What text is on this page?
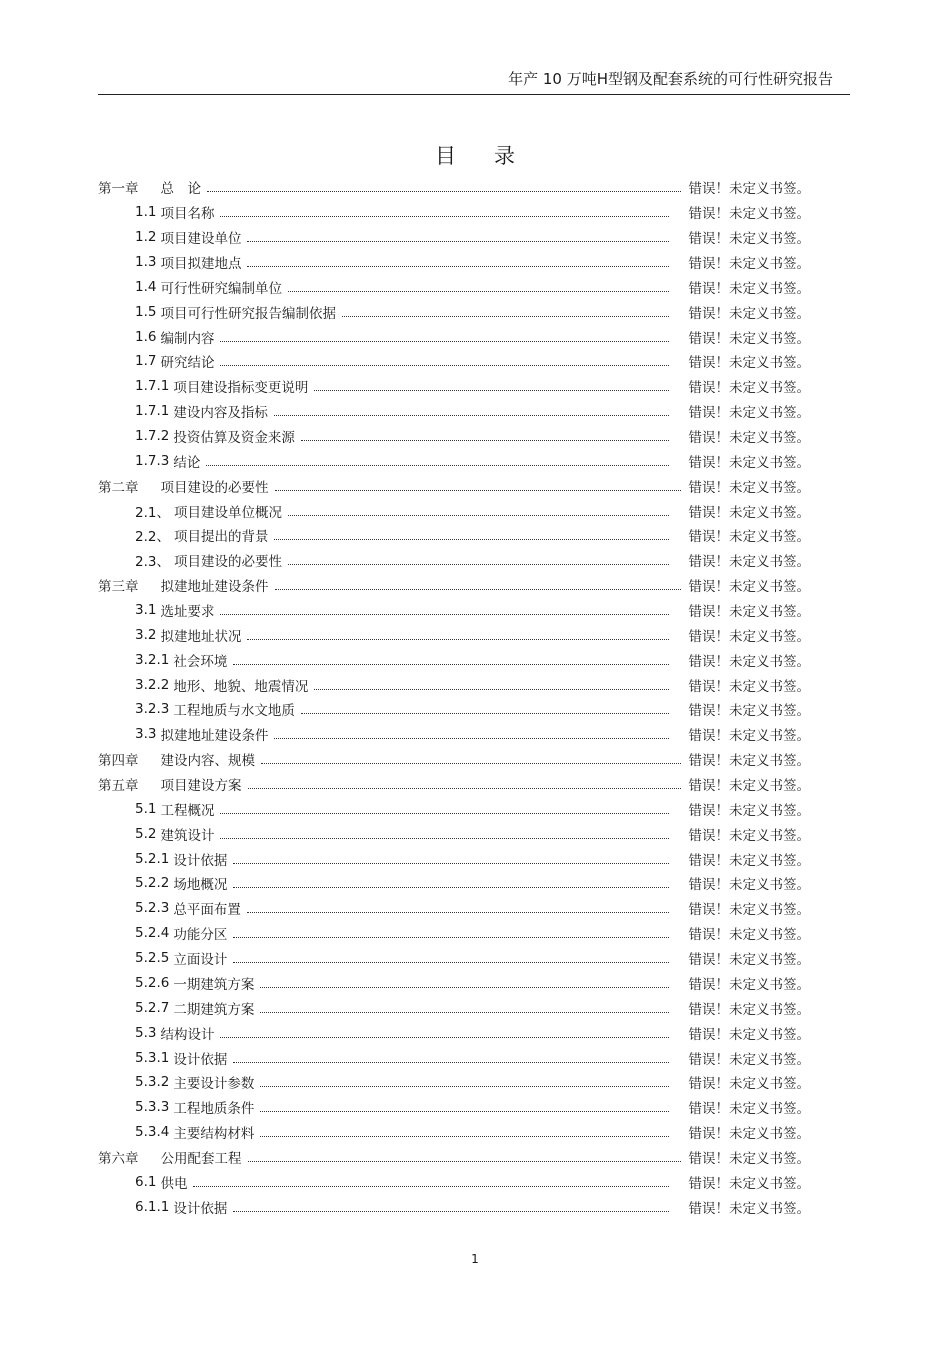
年产 10 万吨H型钢及配套系统的可行性研究报告
目录
第一章 总　论	错误！未定义书签。
1.1 项目名称	错误！未定义书签。
1.2 项目建设单位	错误！未定义书签。
1.3 项目拟建地点	错误！未定义书签。
1.4 可行性研究编制单位	错误！未定义书签。
1.5 项目可行性研究报告编制依据	错误！未定义书签。
1.6 编制内容	错误！未定义书签。
1.7 研究结论	错误！未定义书签。
1.7.1 项目建设指标变更说明	错误！未定义书签。
1.7.1 建设内容及指标	错误！未定义书签。
1.7.2 投资估算及资金来源	错误！未定义书签。
1.7.3 结论	错误！未定义书签。
第二章 项目建设的必要性	错误！未定义书签。
2.1、 项目建设单位概况	错误！未定义书签。
2.2、 项目提出的背景	错误！未定义书签。
2.3、 项目建设的必要性	错误！未定义书签。
第三章 拟建地址建设条件	错误！未定义书签。
3.1 选址要求	错误！未定义书签。
3.2 拟建地址状况	错误！未定义书签。
3.2.1 社会环境	错误！未定义书签。
3.2.2 地形、地貌、地震情况	错误！未定义书签。
3.2.3 工程地质与水文地质	错误！未定义书签。
3.3 拟建地址建设条件	错误！未定义书签。
第四章 建设内容、规模	错误！未定义书签。
第五章 项目建设方案	错误！未定义书签。
5.1 工程概况	错误！未定义书签。
5.2 建筑设计	错误！未定义书签。
5.2.1 设计依据	错误！未定义书签。
5.2.2 场地概况	错误！未定义书签。
5.2.3 总平面布置	错误！未定义书签。
5.2.4 功能分区	错误！未定义书签。
5.2.5 立面设计	错误！未定义书签。
5.2.6 一期建筑方案	错误！未定义书签。
5.2.7 二期建筑方案	错误！未定义书签。
5.3 结构设计	错误！未定义书签。
5.3.1 设计依据	错误！未定义书签。
5.3.2 主要设计参数	错误！未定义书签。
5.3.3 工程地质条件	错误！未定义书签。
5.3.4 主要结构材料	错误！未定义书签。
第六章 公用配套工程	错误！未定义书签。
6.1 供电	错误！未定义书签。
6.1.1 设计依据	错误！未定义书签。
1
